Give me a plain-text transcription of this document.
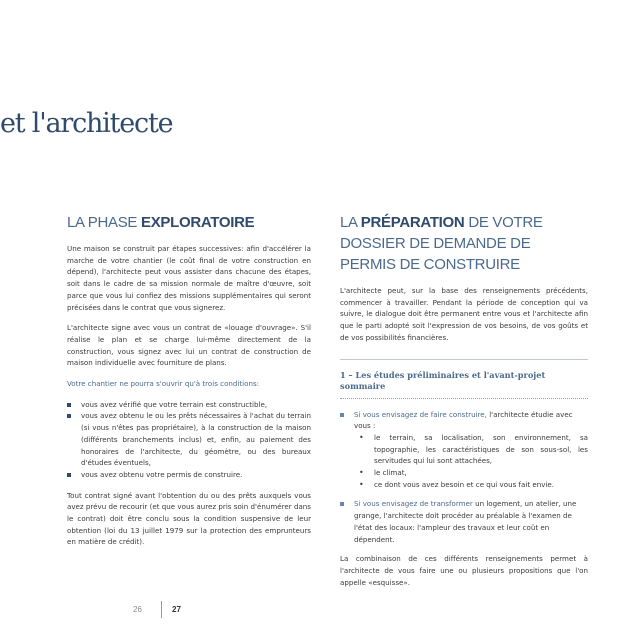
et l'architecte
LA PHASE EXPLORATOIRE

Une maison se construit par étapes successives: afin d'accélérer la marche de votre chantier (le coût final de votre construction en dépend), l'architecte peut vous assister dans chacune des étapes, soit dans le cadre de sa mission normale de maître d'œuvre, soit parce que vous lui confiez des missions supplémentaires qui seront précisées dans le contrat que vous signerez.

L'architecte signe avec vous un contrat de «louage d'ouvrage». S'il réalise le plan et se charge lui-même directement de la construction, vous signez avec lui un contrat de construction de maison individuelle avec fourniture de plans.

Votre chantier ne pourra s'ouvrir qu'à trois conditions:

vous avez vérifié que votre terrain est constructible,
vous avez obtenu le ou les prêts nécessaires à l'achat du terrain (si vous n'êtes pas propriétaire), à la construction de la maison (différents branchements inclus) et, enfin, au paiement des honoraires de l'architecte, du géomètre, ou des bureaux d'études éventuels,
vous avez obtenu votre permis de construire.

Tout contrat signé avant l'obtention du ou des prêts auxquels vous avez prévu de recourir (et que vous aurez pris soin d'énumérer dans le contrat) doit être conclu sous la condition suspensive de leur obtention (loi du 13 juillet 1979 sur la protection des emprunteurs en matière de crédit).

LA PRÉPARATION DE VOTRE DOSSIER DE DEMANDE DE PERMIS DE CONSTRUIRE

L'architecte peut, sur la base des renseignements précédents, commencer à travailler. Pendant la période de conception qui va suivre, le dialogue doit être permanent entre vous et l'architecte afin que le parti adopté soit l'expression de vos besoins, de vos goûts et de vos possibilités financières.

1 – Les études préliminaires et l'avant-projet sommaire
Si vous envisagez de faire construire, l'architecte étudie avec vous :
• le terrain, sa localisation, son environnement, sa topographie, les caractéristiques de son sous-sol, les servitudes qui lui sont attachées,
• le climat,
• ce dont vous avez besoin et ce qui vous fait envie.
Si vous envisagez de transformer un logement, un atelier, une grange, l'architecte doit procéder au préalable à l'examen de l'état des locaux: l'ampleur des travaux et leur coût en dépendent.

La combinaison de ces différents renseignements permet à l'architecte de vous faire une ou plusieurs propositions que l'on appelle «esquisse».

26	27
